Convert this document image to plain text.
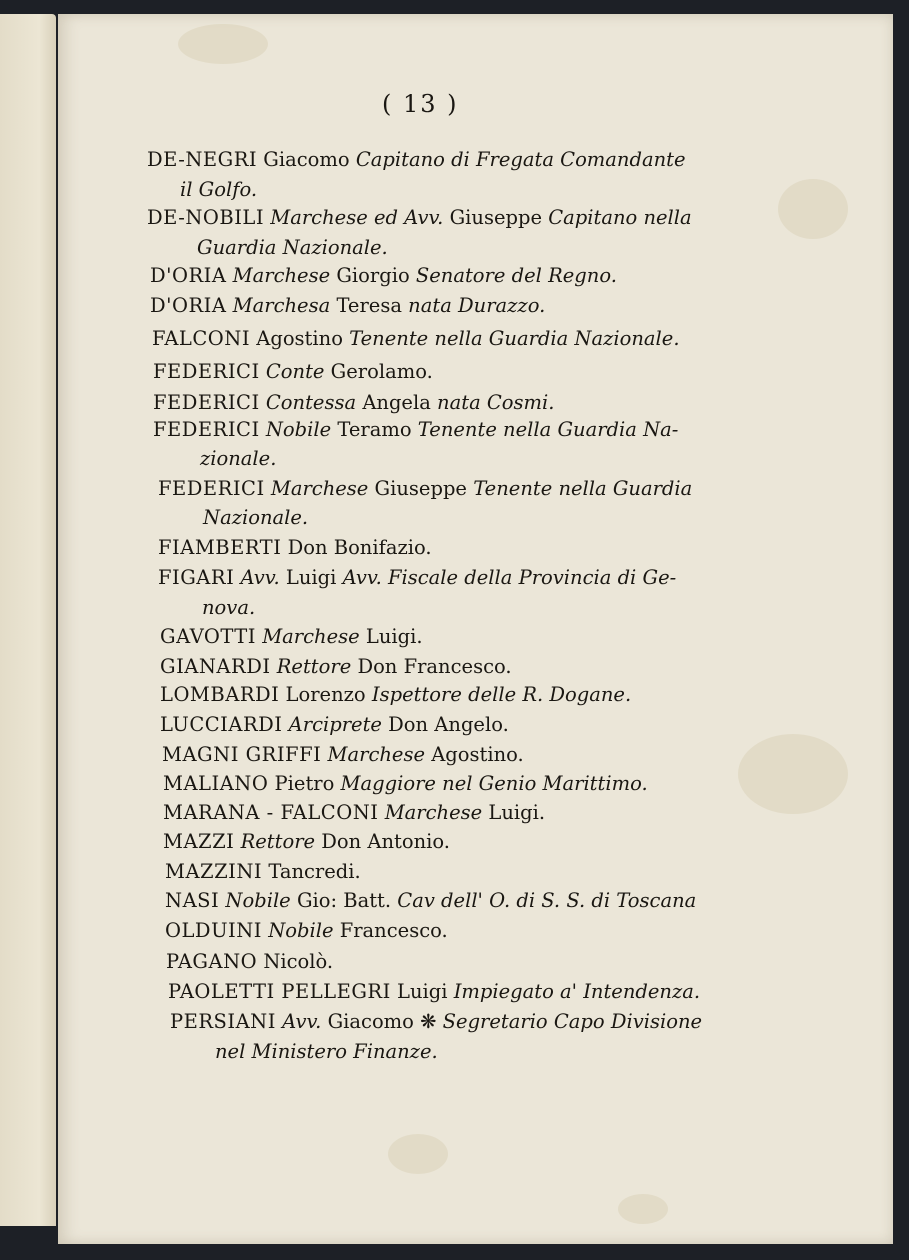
( 13 )
DE-NEGRI Giacomo Capitano di Fregata Comandante
il Golfo.
DE-NOBILI Marchese ed Avv. Giuseppe Capitano nella
Guardia Nazionale.
D'ORIA Marchese Giorgio Senatore del Regno.
D'ORIA Marchesa Teresa nata Durazzo.
FALCONI Agostino Tenente nella Guardia Nazionale.
FEDERICI Conte Gerolamo.
FEDERICI Contessa Angela nata Cosmi.
FEDERICI Nobile Teramo Tenente nella Guardia Na-
zionale.
FEDERICI Marchese Giuseppe Tenente nella Guardia
Nazionale.
FIAMBERTI Don Bonifazio.
FIGARI Avv. Luigi Avv. Fiscale della Provincia di Ge-
nova.
GAVOTTI Marchese Luigi.
GIANARDI Rettore Don Francesco.
LOMBARDI Lorenzo Ispettore delle R. Dogane.
LUCCIARDI Arciprete Don Angelo.
MAGNI GRIFFI Marchese Agostino.
MALIANO Pietro Maggiore nel Genio Marittimo.
MARANA - FALCONI Marchese Luigi.
MAZZI Rettore Don Antonio.
MAZZINI Tancredi.
NASI Nobile Gio: Batt. Cav dell' O. di S. S. di Toscana
OLDUINI Nobile Francesco.
PAGANO Nicolò.
PAOLETTI PELLEGRI Luigi Impiegato a' Intendenza.
PERSIANI Avv. Giacomo ❋ Segretario Capo Divisione
nel Ministero Finanze.
